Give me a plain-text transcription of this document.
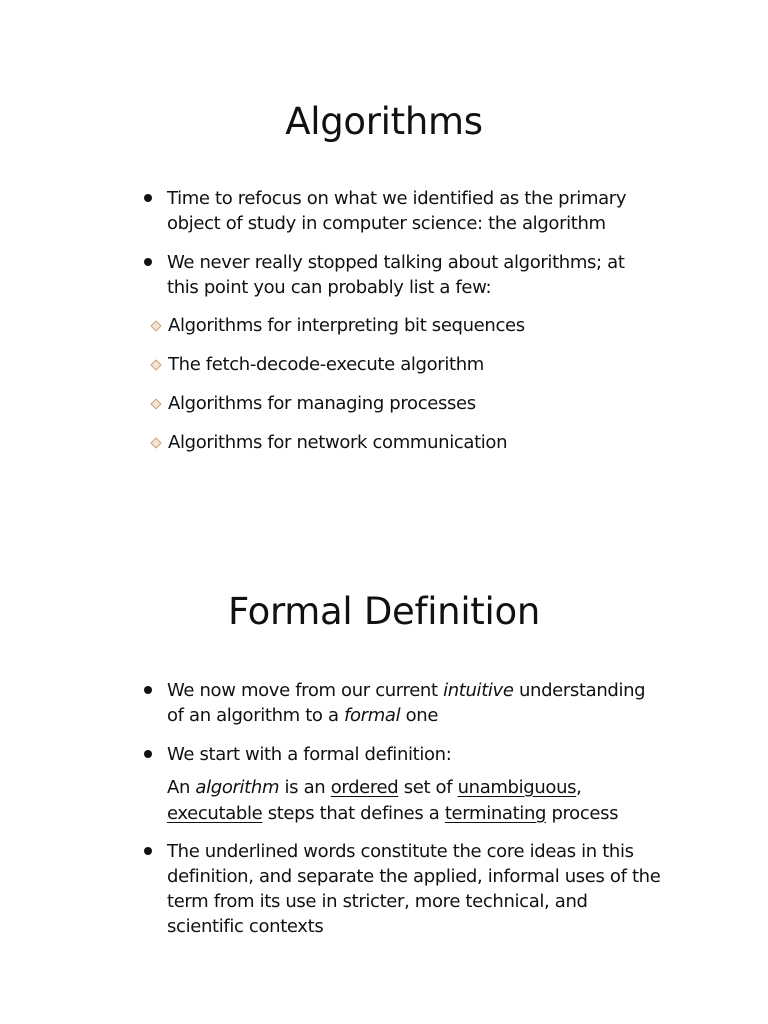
Algorithms
Time to refocus on what we identified as the primary object of study in computer science: the algorithm
We never really stopped talking about algorithms; at this point you can probably list a few:
Algorithms for interpreting bit sequences
The fetch-decode-execute algorithm
Algorithms for managing processes
Algorithms for network communication
Formal Definition
We now move from our current intuitive understanding of an algorithm to a formal one
We start with a formal definition:
An algorithm is an ordered set of unambiguous, executable steps that defines a terminating process
The underlined words constitute the core ideas in this definition, and separate the applied, informal uses of the term from its use in stricter, more technical, and scientific contexts
